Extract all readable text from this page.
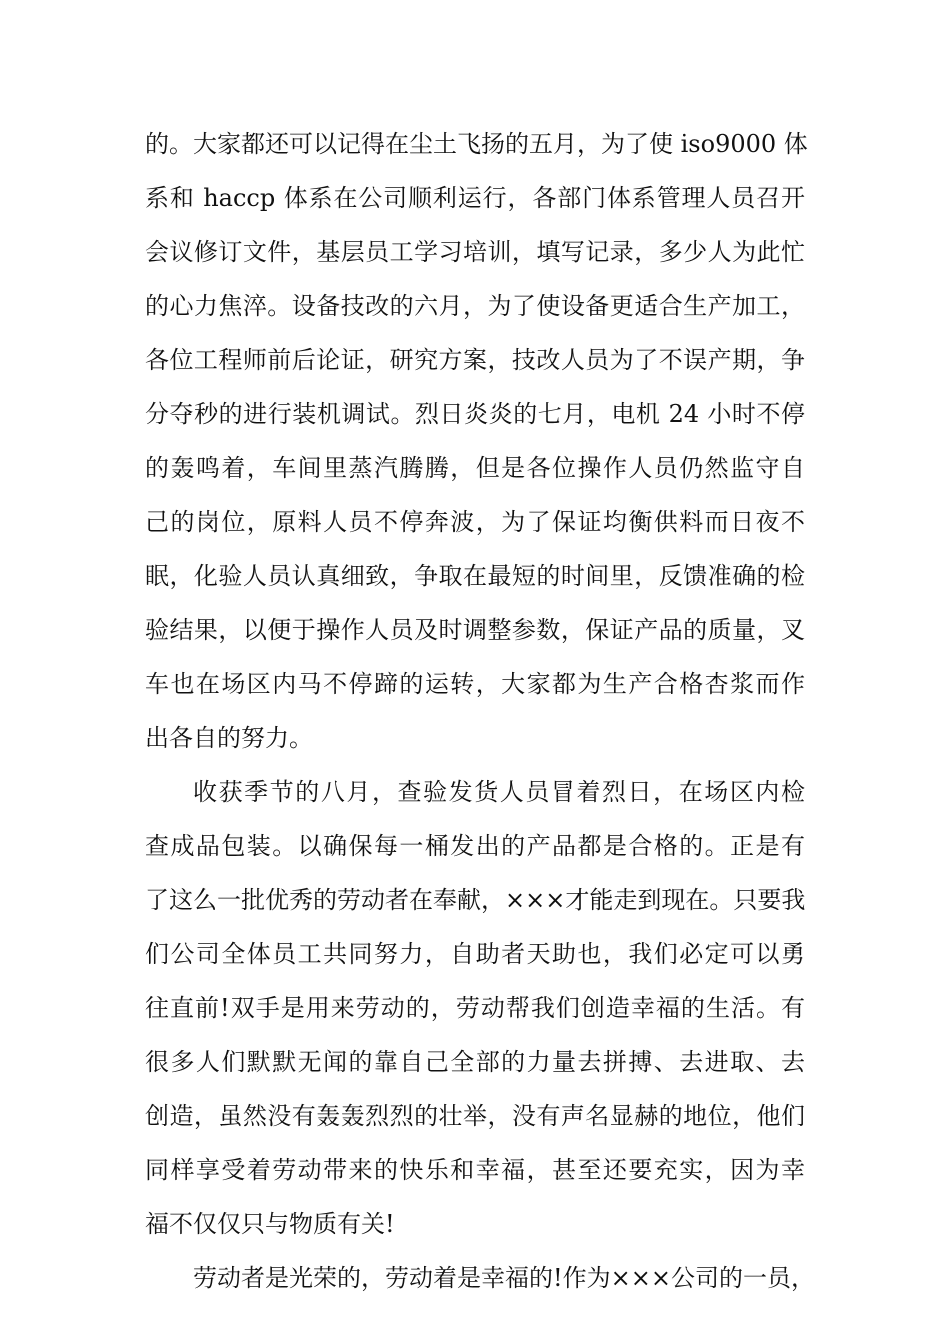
的。大家都还可以记得在尘土飞扬的五月，为了使 iso9000 体
系和 haccp 体系在公司顺利运行，各部门体系管理人员召开
会议修订文件，基层员工学习培训，填写记录，多少人为此忙
的心力焦淬。设备技改的六月，为了使设备更适合生产加工，
各位工程师前后论证，研究方案，技改人员为了不误产期，争
分夺秒的进行装机调试。烈日炎炎的七月，电机 24 小时不停
的轰鸣着，车间里蒸汽腾腾，但是各位操作人员仍然监守自
己的岗位，原料人员不停奔波，为了保证均衡供料而日夜不
眠，化验人员认真细致，争取在最短的时间里，反馈准确的检
验结果，以便于操作人员及时调整参数，保证产品的质量，叉
车也在场区内马不停蹄的运转，大家都为生产合格杏浆而作
出各自的努力。
收获季节的八月，查验发货人员冒着烈日，在场区内检
查成品包装。以确保每一桶发出的产品都是合格的。正是有
了这么一批优秀的劳动者在奉献，×××才能走到现在。只要我
们公司全体员工共同努力，自助者天助也，我们必定可以勇
往直前!双手是用来劳动的，劳动帮我们创造幸福的生活。有
很多人们默默无闻的靠自己全部的力量去拼搏、去进取、去
创造，虽然没有轰轰烈烈的壮举，没有声名显赫的地位，他们
同样享受着劳动带来的快乐和幸福，甚至还要充实，因为幸
福不仅仅只与物质有关!
劳动者是光荣的，劳动着是幸福的!作为×××公司的一员，
